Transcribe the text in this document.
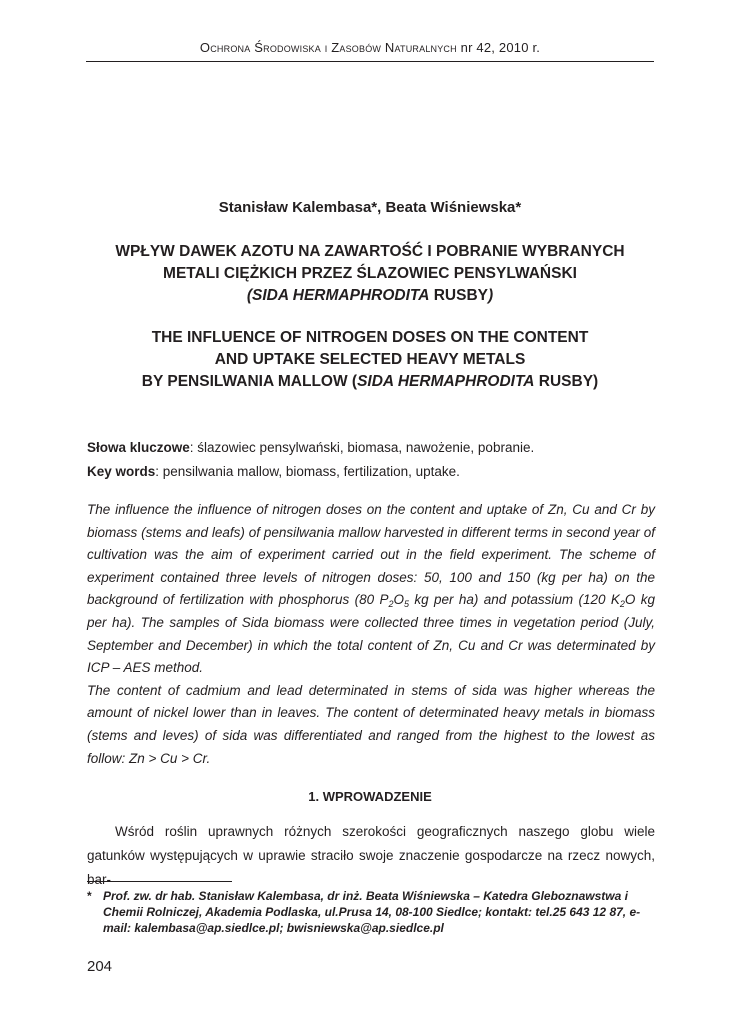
Ochrona Środowiska i Zasobów Naturalnych nr 42, 2010 r.
Stanisław Kalembasa*, Beata Wiśniewska*
WPŁYW DAWEK AZOTU NA ZAWARTOŚĆ I POBRANIE WYBRANYCH
METALI CIĘŻKICH PRZEZ ŚLAZOWIEC PENSYLWAŃSKI
(SIDA HERMAPHRODITA RUSBY)
THE INFLUENCE OF NITROGEN DOSES ON THE CONTENT
AND UPTAKE SELECTED HEAVY METALS
BY PENSILWANIA MALLOW (SIDA HERMAPHRODITA RUSBY)
Słowa kluczowe: ślazowiec pensylwański, biomasa, nawożenie, pobranie.
Key words: pensilwania mallow, biomass, fertilization, uptake.

The influence the influence of nitrogen doses on the content and uptake of Zn, Cu and Cr by biomass (stems and leafs) of pensilwania mallow harvested in different terms in second year of cultivation was the aim of experiment carried out in the field experiment. The scheme of experiment contained three levels of nitrogen doses: 50, 100 and 150 (kg per ha) on the background of fertilization with phosphorus (80 $P_2O_5$ kg per ha) and potassium (120 $K_2O$ kg per ha). The samples of Sida biomass were collected three times in vegetation period (July, September and December) in which the total content of Zn, Cu and Cr was determinated by ICP – AES method.

The content of cadmium and lead determinated in stems of sida was higher whereas the amount of nickel lower than in leaves. The content of determinated heavy metals in biomass (stems and leves) of sida was differentiated and ranged from the highest to the lowest as follow: Zn > Cu > Cr.

1. WPROWADZENIE
Wśród roślin uprawnych różnych szerokości geograficznych naszego globu wiele gatunków występujących w uprawie straciło swoje znaczenie gospodarcze na rzecz nowych, bar-
* Prof. zw. dr hab. Stanisław Kalembasa, dr inż. Beata Wiśniewska – Katedra Gleboznawstwa i Chemii Rolniczej, Akademia Podlaska, ul.Prusa 14, 08-100 Siedlce; kontakt: tel.25 643 12 87, e-mail: kalembasa@ap.siedlce.pl; bwisniewska@ap.siedlce.pl
204
